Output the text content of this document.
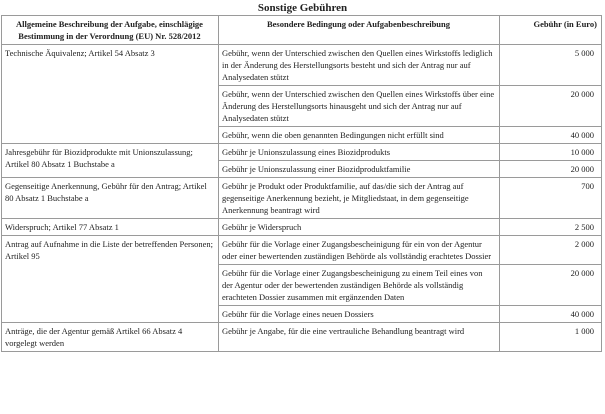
Sonstige Gebühren
Allgemeine Beschreibung der Aufgabe, einschlägige Bestimmung in der Verordnung (EU) Nr. 528/2012	Besondere Bedingung oder Aufgabenbeschreibung	Gebühr (in Euro)
Technische Äquivalenz; Artikel 54 Absatz 3	Gebühr, wenn der Unterschied zwischen den Quellen eines Wirkstoffs lediglich in der Änderung des Herstellungsorts besteht und sich der Antrag nur auf Analysedaten stützt	5 000
	Gebühr, wenn der Unterschied zwischen den Quellen eines Wirkstoffs über eine Änderung des Herstellungsorts hinausgeht und sich der Antrag nur auf Analysedaten stützt	20 000
	Gebühr, wenn die oben genannten Bedingungen nicht erfüllt sind	40 000
Jahresgebühr für Biozidprodukte mit Unionszulassung; Artikel 80 Absatz 1 Buchstabe a	Gebühr je Unionszulassung eines Biozidprodukts	10 000
	Gebühr je Unionszulassung einer Biozidproduktfamilie	20 000
Gegenseitige Anerkennung, Gebühr für den Antrag; Artikel 80 Absatz 1 Buchstabe a	Gebühr je Produkt oder Produktfamilie, auf das/die sich der Antrag auf gegenseitige Anerkennung bezieht, je Mitgliedstaat, in dem gegenseitige Anerkennung beantragt wird	700
Widerspruch; Artikel 77 Absatz 1	Gebühr je Widerspruch	2 500
Antrag auf Aufnahme in die Liste der betreffenden Personen; Artikel 95	Gebühr für die Vorlage einer Zugangsbescheinigung für ein von der Agentur oder einer bewertenden zuständigen Behörde als vollständig erachtetes Dossier	2 000
	Gebühr für die Vorlage einer Zugangsbescheinigung zu einem Teil eines von der Agentur oder der bewertenden zuständigen Behörde als vollständig erachteten Dossier zusammen mit ergänzenden Daten	20 000
	Gebühr für die Vorlage eines neuen Dossiers	40 000
Anträge, die der Agentur gemäß Artikel 66 Absatz 4 vorgelegt werden	Gebühr je Angabe, für die eine vertrauliche Behandlung beantragt wird	1 000
